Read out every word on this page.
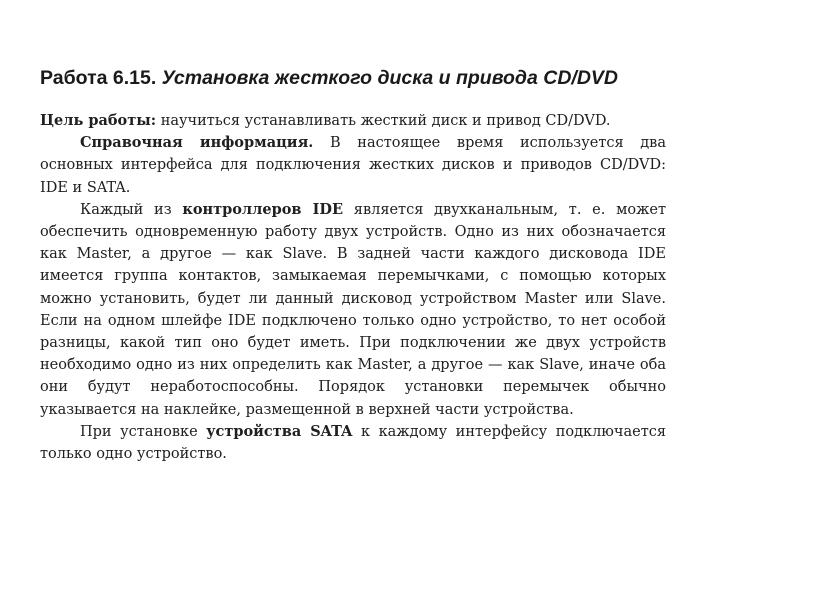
Работа 6.15. Установка жесткого диска и привода CD/DVD

Цель работы: научиться устанавливать жесткий диск и привод CD/DVD.

Справочная информация. В настоящее время используется два основных интерфейса для подключения жестких дисков и приводов CD/DVD: IDE и SATA.

Каждый из контроллеров IDE является двухканальным, т. е. может обеспечить одновременную работу двух устройств. Одно из них обозначается как Master, а другое — как Slave. В задней части каждого дисковода IDE имеется группа контактов, замыкаемая перемычками, с помощью которых можно установить, будет ли данный дисковод устройством Master или Slave. Если на одном шлейфе IDE подключено только одно устройство, то нет особой разницы, какой тип оно будет иметь. При подключении же двух устройств необходимо одно из них определить как Master, а другое — как Slave, иначе оба они будут неработоспособны. Порядок установки перемычек обычно указывается на наклейке, размещенной в верхней части устройства.

При установке устройства SATA к каждому интерфейсу подключается только одно устройство.
